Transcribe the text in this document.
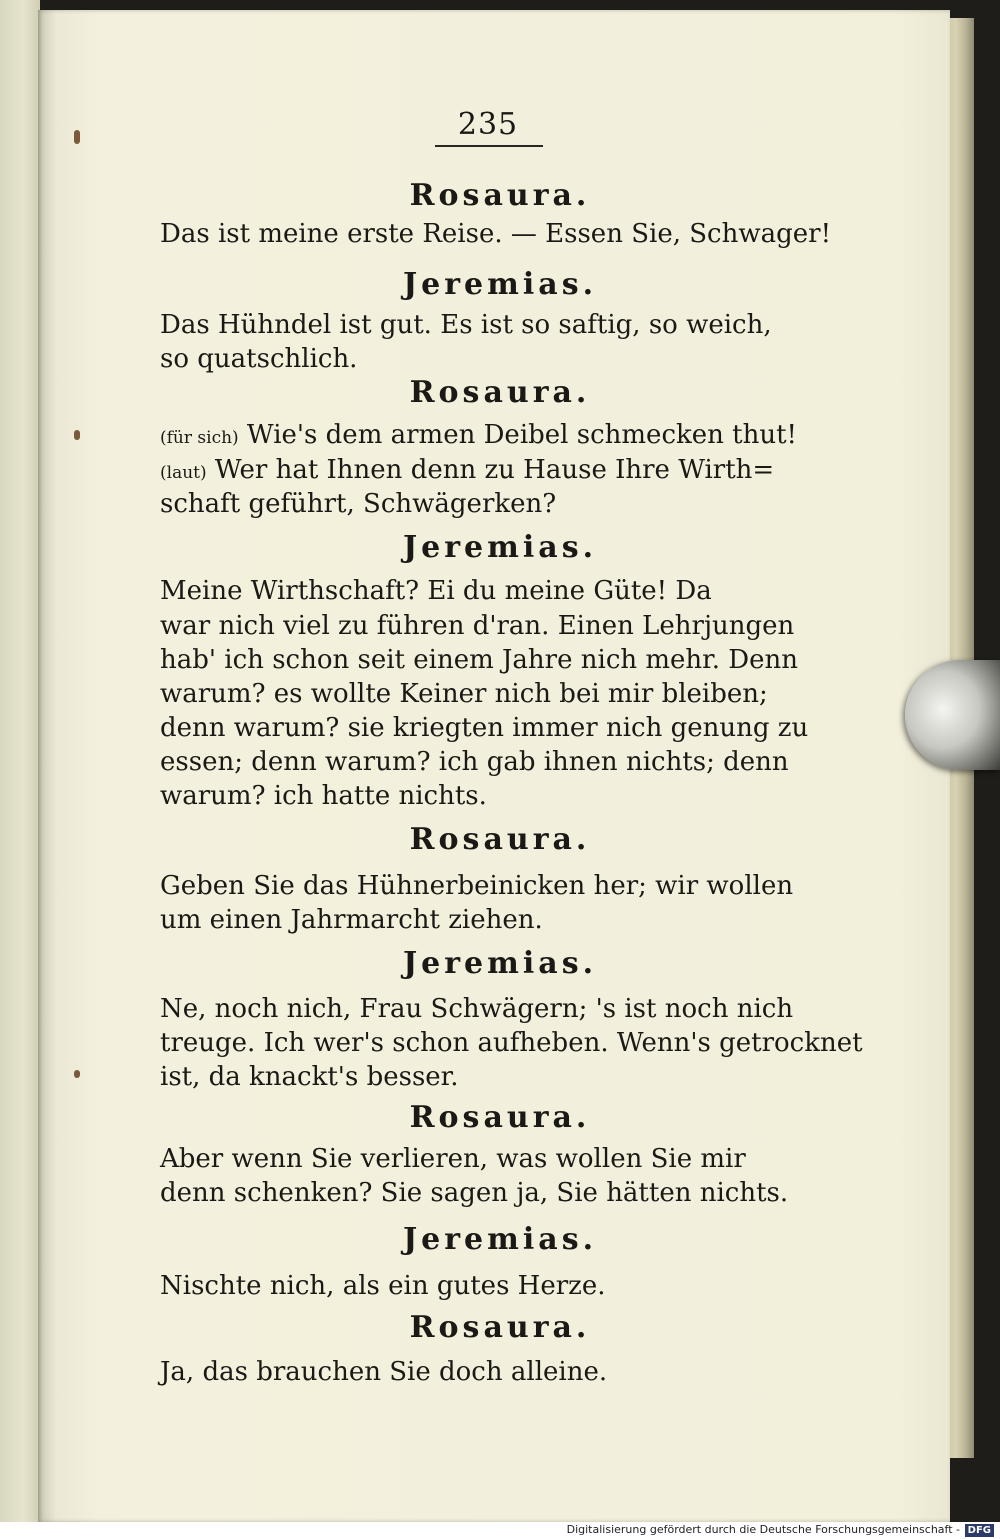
235
Rosaura.
Das ist meine erste Reise. — Essen Sie, Schwager!
Jeremias.
Das Hühndel ist gut. Es ist so saftig, so weich,
so quatschlich.
Rosaura.
(für sich) Wie's dem armen Deibel schmecken thut!
(laut) Wer hat Ihnen denn zu Hause Ihre Wirth=
schaft geführt, Schwägerken?
Jeremias.
Meine Wirthschaft? Ei du meine Güte! Da
war nich viel zu führen d'ran. Einen Lehrjungen
hab' ich schon seit einem Jahre nich mehr. Denn
warum? es wollte Keiner nich bei mir bleiben;
denn warum? sie kriegten immer nich genung zu
essen; denn warum? ich gab ihnen nichts; denn
warum? ich hatte nichts.
Rosaura.
Geben Sie das Hühnerbeinicken her; wir wollen
um einen Jahrmarcht ziehen.
Jeremias.
Ne, noch nich, Frau Schwägern; 's ist noch nich
treuge. Ich wer's schon aufheben. Wenn's getrocknet
ist, da knackt's besser.
Rosaura.
Aber wenn Sie verlieren, was wollen Sie mir
denn schenken? Sie sagen ja, Sie hätten nichts.
Jeremias.
Nischte nich, als ein gutes Herze.
Rosaura.
Ja, das brauchen Sie doch alleine.
Digitalisierung gefördert durch die Deutsche Forschungsgemeinschaft - DFG
